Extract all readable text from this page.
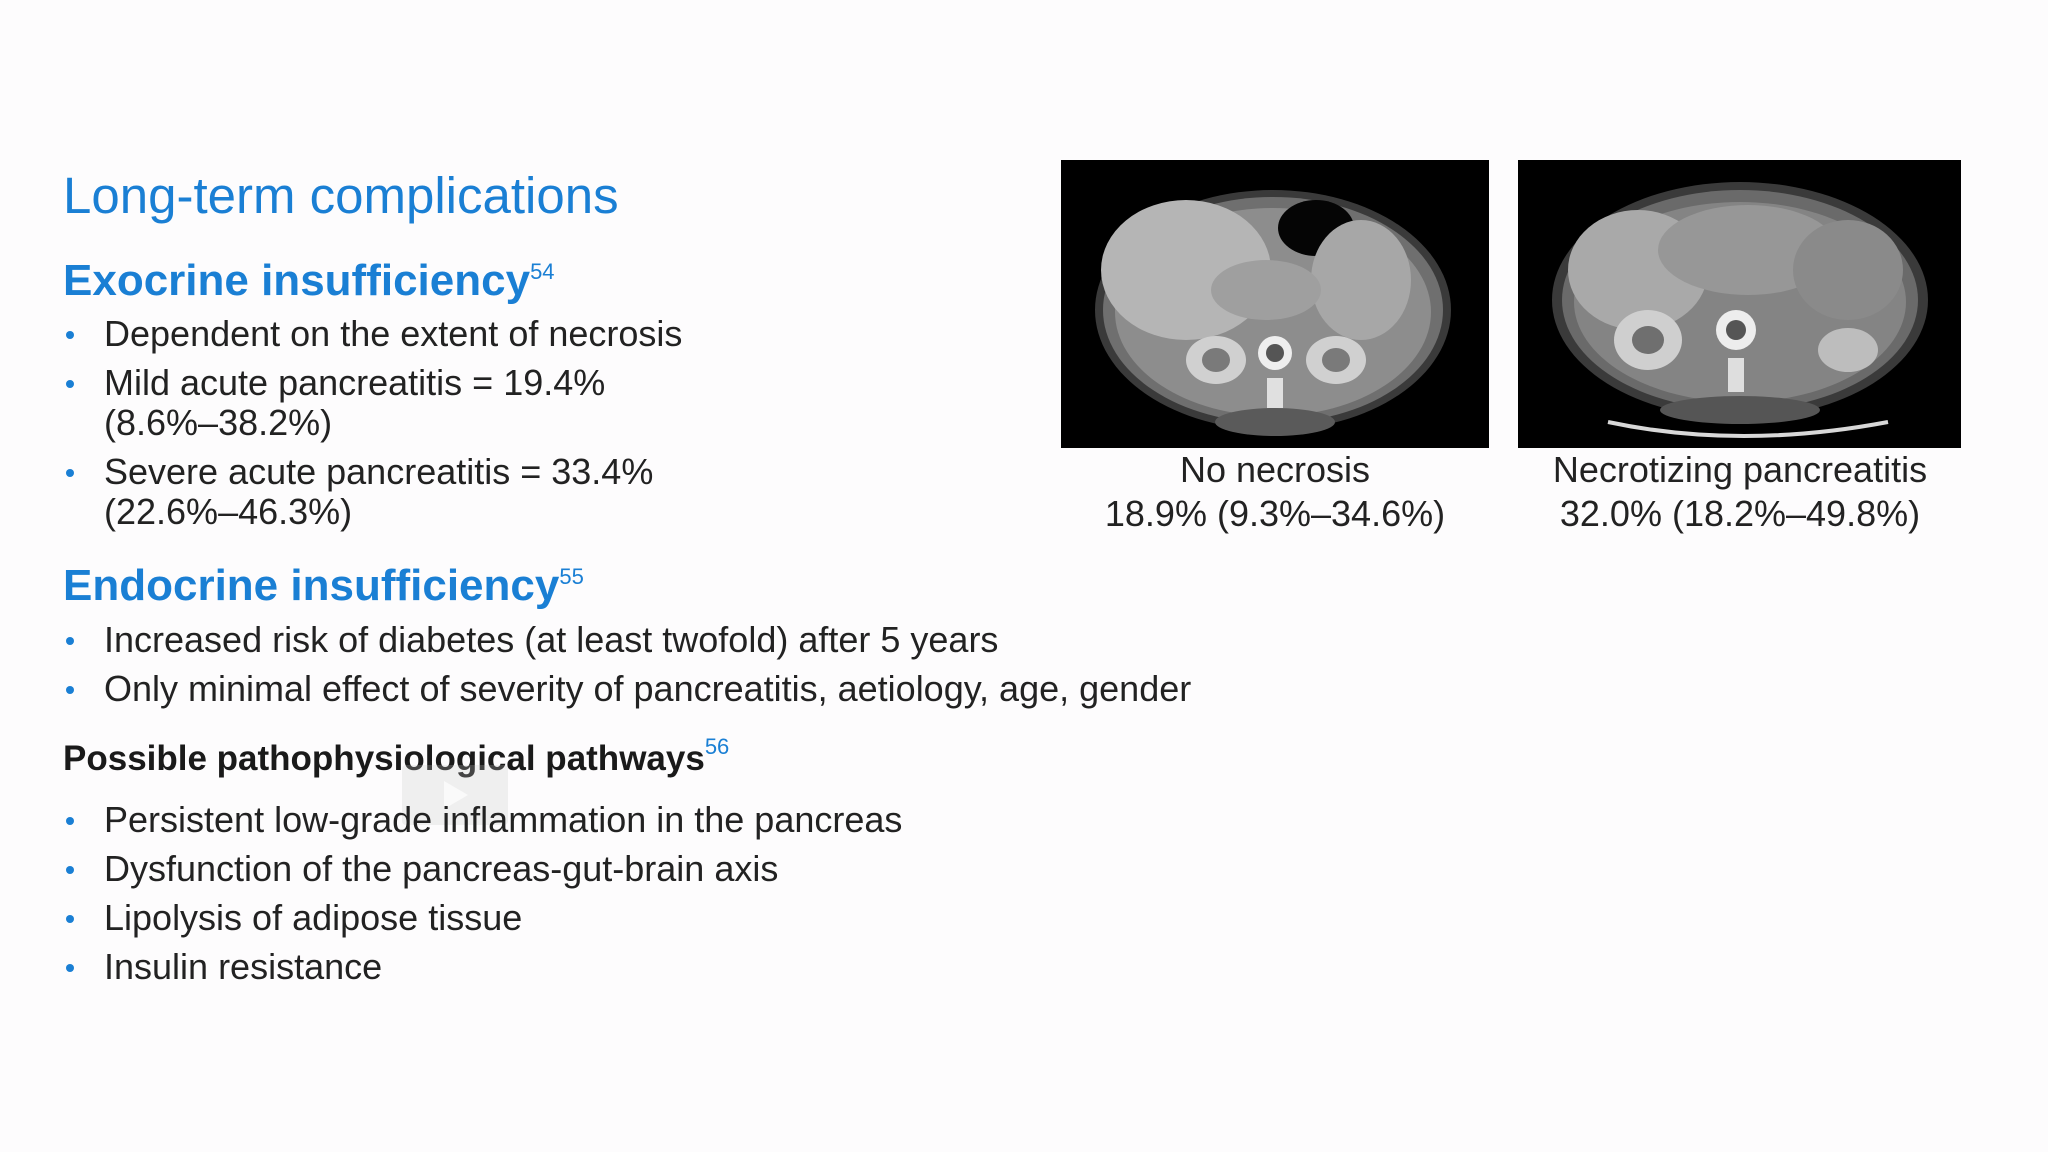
Long-term complications
Exocrine insufficiency$^{54}$
Dependent on the extent of necrosis
Mild acute pancreatitis = 19.4%
(8.6%–38.2%)
Severe acute pancreatitis = 33.4%
(22.6%–46.3%)
Endocrine insufficiency$^{55}$
Increased risk of diabetes (at least twofold) after 5 years
Only minimal effect of severity of pancreatitis, aetiology, age, gender
Possible pathophysiological pathways$^{56}$
Persistent low-grade inflammation in the pancreas
Dysfunction of the pancreas-gut-brain axis
Lipolysis of adipose tissue
Insulin resistance
No necrosis
18.9% (9.3%–34.6%)
Necrotizing pancreatitis
32.0% (18.2%–49.8%)
